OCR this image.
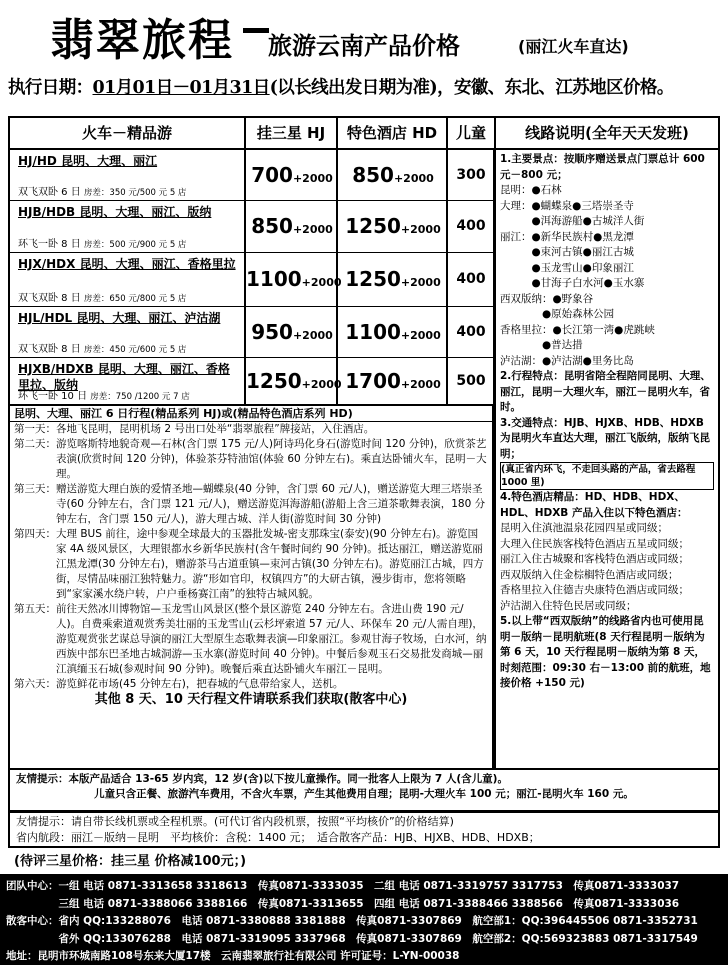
翡翠旅程 旅游云南产品价格	(丽江火车直达)
执行日期：01月01日－01月31日(以长线出发日期为准)，安徽、东北、江苏地区价格。
火车－精品游	挂三星 HJ	特色酒店 HD	儿童	线路说明(全年天天发班)
HJ/HD 昆明、大理、丽江
双飞双卧 6 日 房差：350 元/500 元 5 店
700+2000 850+2000	300
HJB/HDB 昆明、大理、丽江、版纳
环飞一卧 8 日 房差：500 元/900 元 5 店
850+2000 1250+2000	400
HJX/HDX 昆明、大理、丽江、香格里拉
双飞双卧 8 日 房差：650 元/800 元 5 店
1100+2000 1250+2000	400
HJL/HDL 昆明、大理、丽江、泸沽湖
双飞双卧 8 日 房差：450 元/600 元 5 店
950+2000 1100+2000	400
HJXB/HDXB 昆明、大理、丽江、香格里拉、版纳
环飞一卧 10 日 房差：750 /1200 元 7 店
1250+2000 1700+2000	500

1.主要景点：按顺序赠送景点门票总计 600 元－800 元；

昆明：●石林

大理：●蝴蝶泉●三塔崇圣寺

　　　●洱海游船●古城洋人街

丽江：●新华民族村●黑龙潭

　　　●束河古镇●丽江古城

　　　●玉龙雪山●印象丽江

　　　●甘海子白水河●玉水寨

西双版纳：●野象谷

　　　　●原始森林公园

香格里拉：●长江第一湾●虎跳峡

　　　　●普达措

泸沽湖：●泸沽湖●里务比岛

2.行程特点：昆明省陪全程陪同昆明、大理、丽江，昆明－大理火车，丽江－昆明火车，省时。

3.交通特点：HJB、HJXB、HDB、HDXB 为昆明火车直达大理，丽江飞版纳，版纳飞昆明；

(真正省内环飞，不走回头路的产品，省去路程 1000 里)

4.特色酒店精品：HD、HDB、HDX、HDL、HDXB 产品入住以下特色酒店：

昆明入住滇池温泉花园四星或同级；

大理入住民族客栈特色酒店五星或同级；

丽江入住古城聚和客栈特色酒店或同级；

西双版纳入住金棕榈特色酒店或同级；

香格里拉入住德吉央康特色酒店或同级；

泸沽湖入住特色民居或同级；

5.以上带“西双版纳”的线路省内也可使用昆明－版纳－昆明航班(8 天行程昆明－版纳为第 6 天，10 天行程昆明－版纳为第 8 天，时刻范围：09:30 右－13:00 前的航班，地接价格 +150 元)

昆明、大理、丽江 6 日行程(精品系列 HJ)或(精品特色酒店系列 HD)
第一天： 各地飞昆明，昆明机场 2 号出口处举“翡翠旅程”牌接站，入住酒店。
第二天： 游览喀斯特地貌奇观—石林(含门票 175 元/人)阿诗玛化身石(游览时间 120 分钟)，欣赏茶艺表演(欣赏时间 120 分钟)，体验茶芬特油馆(体验 60 分钟左右)。乘直达卧铺火车，昆明－大理。
第三天： 赠送游览大理白族的爱情圣地—蝴蝶泉(40 分钟，含门票 60 元/人)，赠送游览大理三塔崇圣寺(60 分钟左右，含门票 121 元/人)，赠送游览洱海游船(游船上含三道茶歌舞表演，180 分钟左右，含门票 150 元/人)，游大理古城、洋人街(游览时间 30 分钟)
第四天： 大理 BUS 前往，途中参观全球最大的玉器批发城-密支那珠宝(泰安)(90 分钟左右)。游览国家 4A 级风景区，大理银都水乡新华民族村(含午餐时间约 90 分钟)。抵达丽江，赠送游览丽江黑龙潭(30 分钟左右)，赠游茶马古道重镇—束河古镇(30 分钟左右)。游览丽江古城，四方街，尽情品味丽江独特魅力。游“形如官印，权镇四方”的大研古镇，漫步街市，您将领略到“家家溪水绕户转，户户垂杨赛江南”的独特古城风貌。
第五天： 前往天然冰川博物馆—玉龙雪山风景区(整个景区游览 240 分钟左右。含进山费 190 元/人)。自费乘索道观赏秀美壮丽的玉龙雪山(云杉坪索道 57 元/人、环保车 20 元/人需自理)，游览观赏张艺谋总导演的丽江大型原生态歌舞表演—印象丽江。参观甘海子牧场，白水河，纳西族中部东巴圣地古城洞游—玉水寨(游览时间 40 分钟)。中餐后参观玉石交易批发商城—丽江滇缅玉石城(参观时间 90 分钟)。晚餐后乘直达卧铺火车丽江－昆明。
第六天： 游览鲜花市场(45 分钟左右)，把春城的气息带给家人，送机。
其他 8 天、10 天行程文件请联系我们获取(散客中心)
友情提示：本版产品适合 13-65 岁内宾，12 岁(含)以下按儿童操作。同一批客人上限为 7 人(含儿童)。
儿童只含正餐、旅游汽车费用，不含火车票，产生其他费用自理；昆明-大理火车 100 元；丽江-昆明火车 160 元。
友情提示：请自带长线机票或全程机票。(可代订省内段机票，按照“平均核价”的价格结算)
省内航段：丽江－版纳－昆明　平均核价：含税：1400 元；　适合散客产品：HJB、HJXB、HDB、HDXB；
(待评三星价格：挂三星 价格减100元；)
团队中心：一组 电话 0871-3313658 3318613　传真0871-3333035　二组 电话 0871-3319757 3317753　传真0871-3333037
　　　　　三组 电话 0871-3388066 3388166　传真0871-3313655　四组 电话 0871-3388466 3388566　传真0871-3333036
散客中心：省内 QQ:133288076　电话 0871-3380888 3381888　传真0871-3307869　航空部1：QQ:396445506 0871-3352731
　　　　　省外 QQ:133076288　电话 0871-3319095 3337968　传真0871-3307869　航空部2：QQ:569323883 0871-3317549
地址：昆明市环城南路108号东来大厦17楼　云南翡翠旅行社有限公司 许可证号：L-YN-00038
